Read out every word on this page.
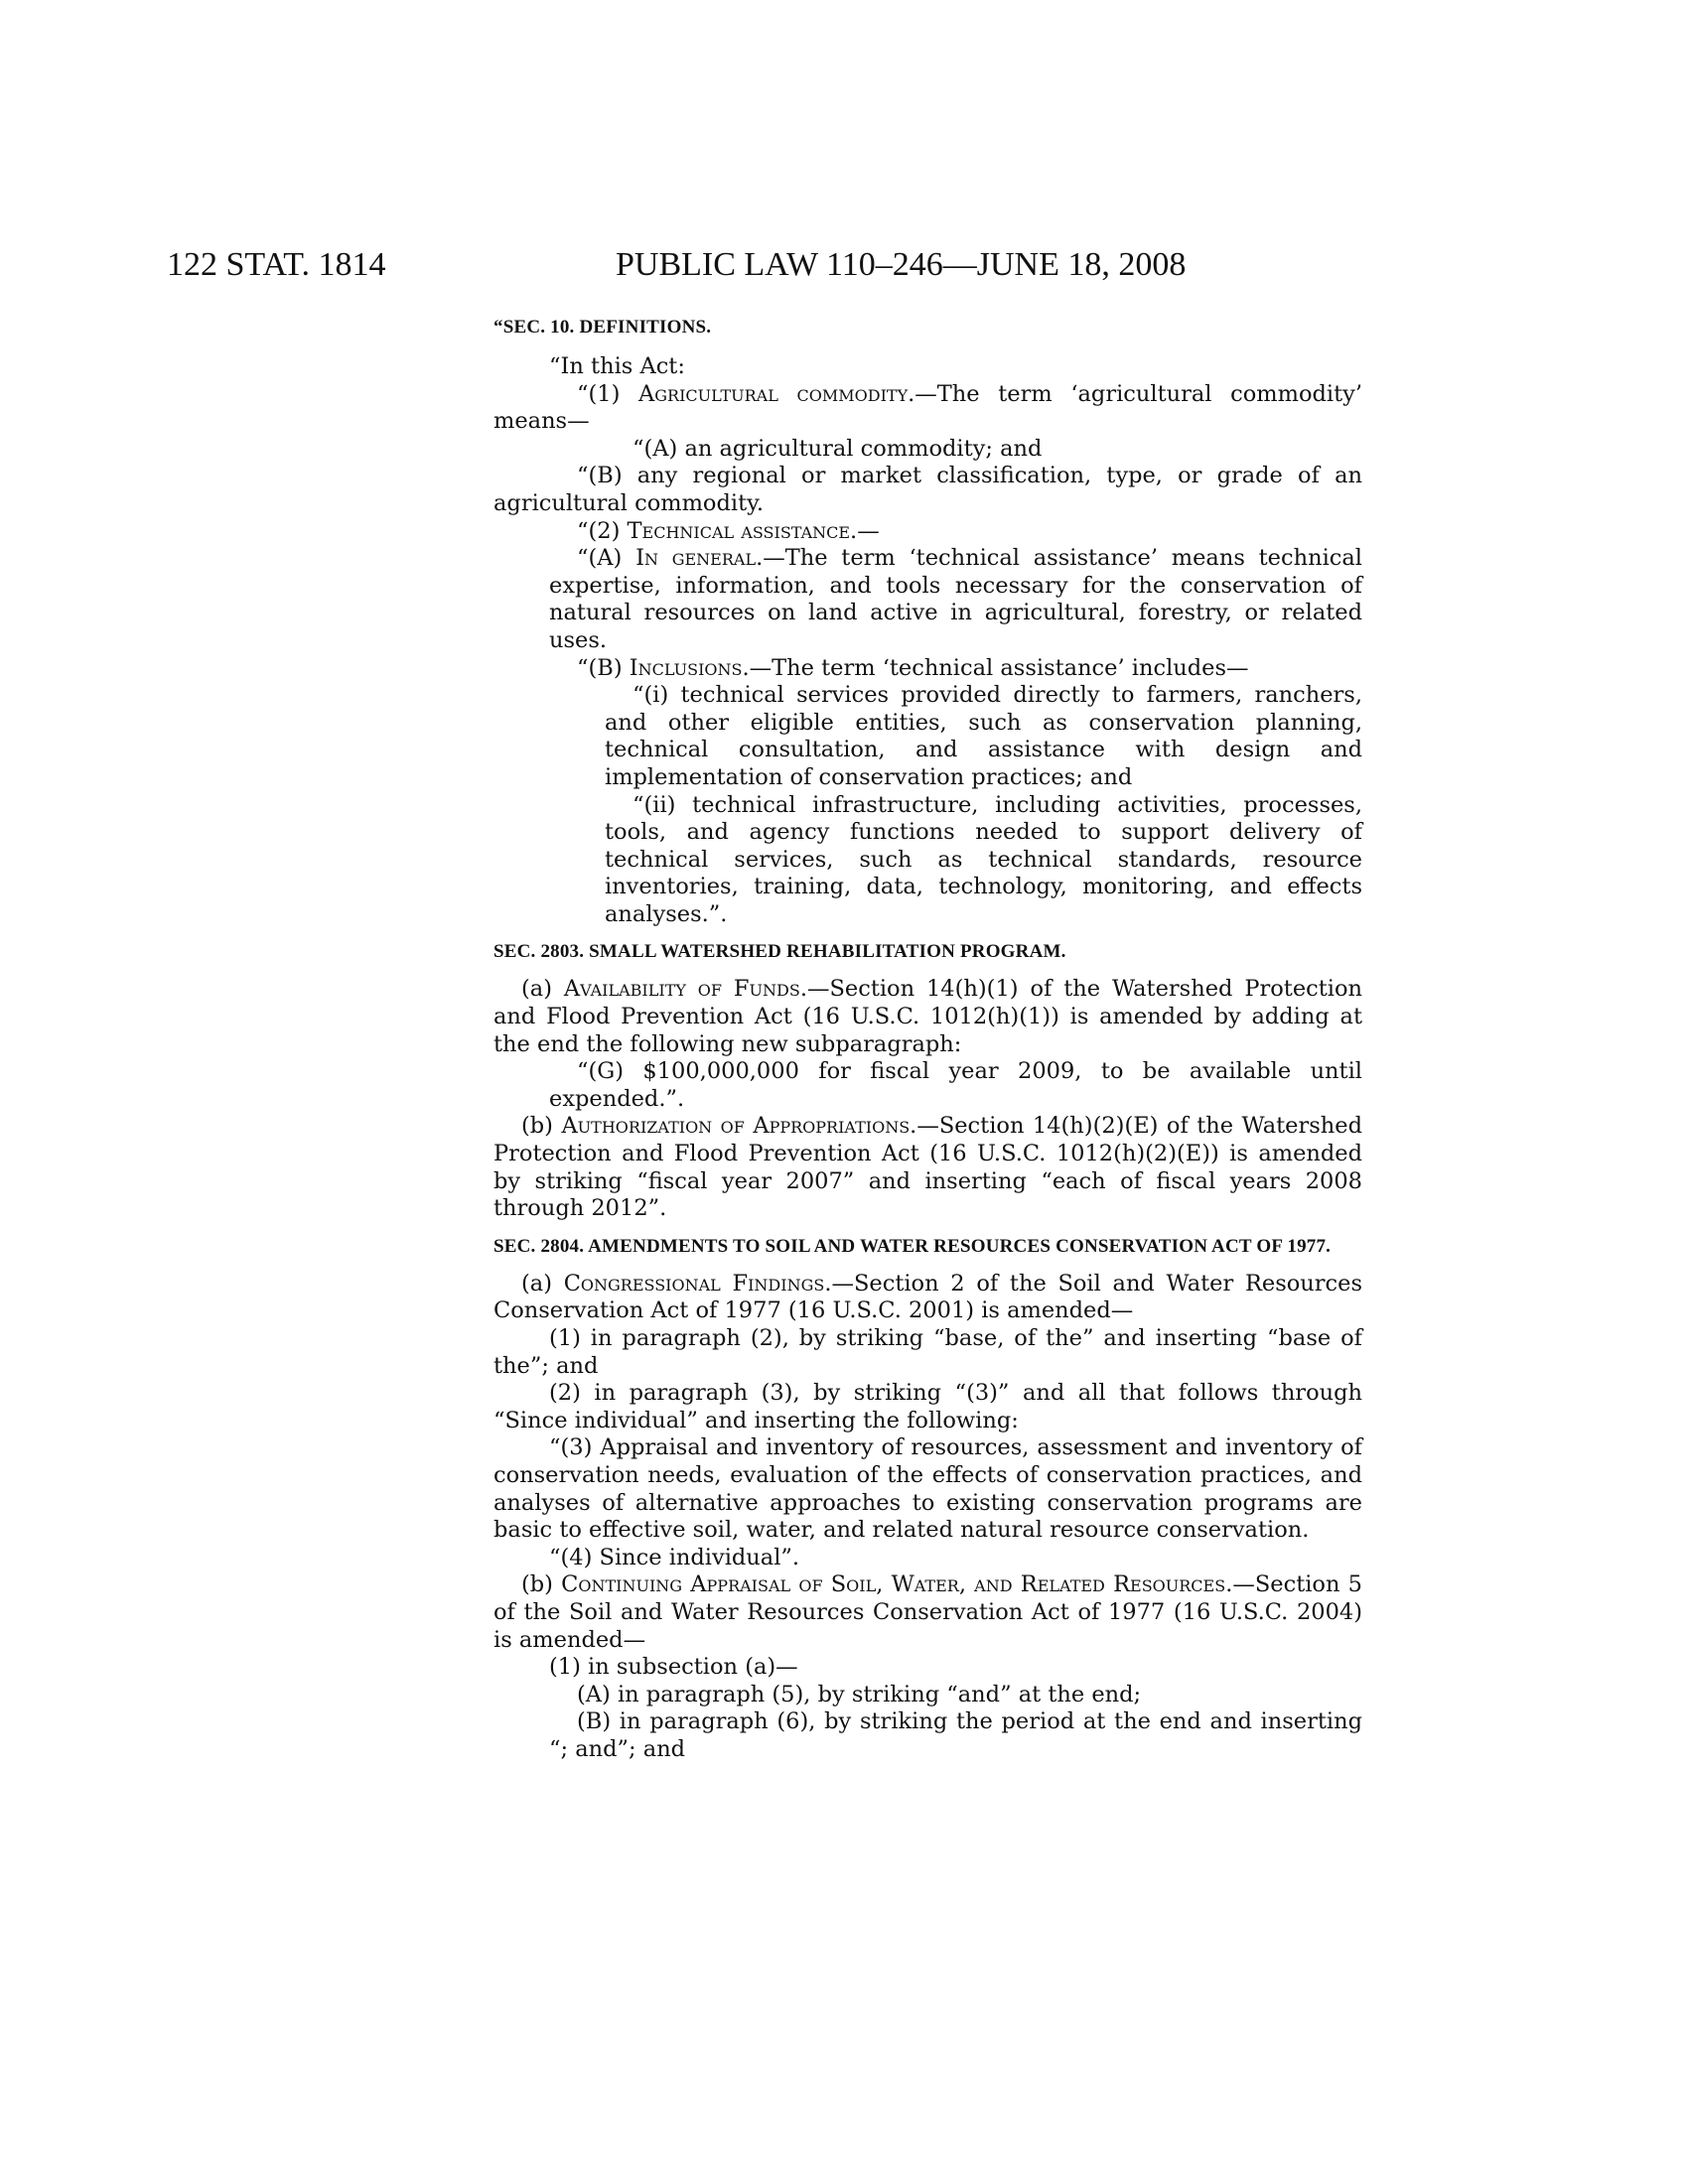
122 STAT. 1814	PUBLIC LAW 110–246—JUNE 18, 2008

“SEC. 10. DEFINITIONS.

“In this Act:

“(1) Agricultural commodity.—The term ‘agricultural commodity’ means—

“(A) an agricultural commodity; and

“(B) any regional or market classification, type, or grade of an agricultural commodity.

“(2) Technical assistance.—

“(A) In general.—The term ‘technical assistance’ means technical expertise, information, and tools necessary for the conservation of natural resources on land active in agricultural, forestry, or related uses.

“(B) Inclusions.—The term ‘technical assistance’ includes—

“(i) technical services provided directly to farmers, ranchers, and other eligible entities, such as conservation planning, technical consultation, and assistance with design and implementation of conservation practices; and

“(ii) technical infrastructure, including activities, processes, tools, and agency functions needed to support delivery of technical services, such as technical standards, resource inventories, training, data, technology, monitoring, and effects analyses.”.

SEC. 2803. SMALL WATERSHED REHABILITATION PROGRAM.

(a) Availability of Funds.—Section 14(h)(1) of the Watershed Protection and Flood Prevention Act (16 U.S.C. 1012(h)(1)) is amended by adding at the end the following new subparagraph:

“(G) $100,000,000 for fiscal year 2009, to be available until expended.”.

(b) Authorization of Appropriations.—Section 14(h)(2)(E) of the Watershed Protection and Flood Prevention Act (16 U.S.C. 1012(h)(2)(E)) is amended by striking “fiscal year 2007” and inserting “each of fiscal years 2008 through 2012”.

SEC. 2804. AMENDMENTS TO SOIL AND WATER RESOURCES CONSERVATION ACT OF 1977.

(a) Congressional Findings.—Section 2 of the Soil and Water Resources Conservation Act of 1977 (16 U.S.C. 2001) is amended—

(1) in paragraph (2), by striking “base, of the” and inserting “base of the”; and

(2) in paragraph (3), by striking “(3)” and all that follows through “Since individual” and inserting the following:

“(3) Appraisal and inventory of resources, assessment and inventory of conservation needs, evaluation of the effects of conservation practices, and analyses of alternative approaches to existing conservation programs are basic to effective soil, water, and related natural resource conservation.

“(4) Since individual”.

(b) Continuing Appraisal of Soil, Water, and Related Resources.—Section 5 of the Soil and Water Resources Conservation Act of 1977 (16 U.S.C. 2004) is amended—

(1) in subsection (a)—

(A) in paragraph (5), by striking “and” at the end;

(B) in paragraph (6), by striking the period at the end and inserting “; and”; and
